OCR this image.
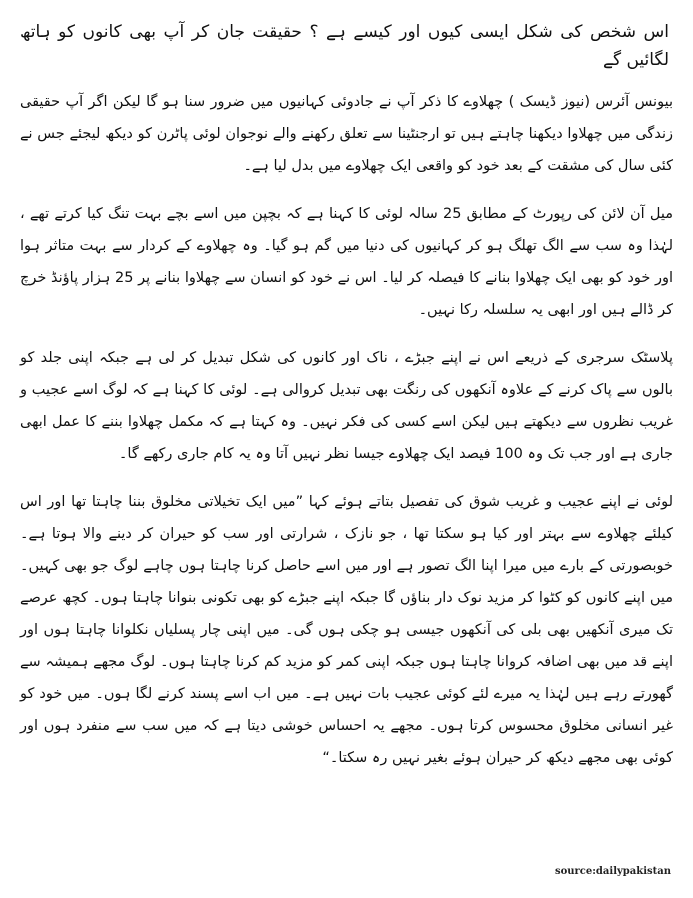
اس شخص کی شکل ایسی کیوں اور کیسے ہے ؟ حقیقت جان کر آپ بھی کانوں کو ہاتھ لگائیں گے

بیونس آئرس (نیوز ڈیسک ) چھلاوے کا ذکر آپ نے جادوئی کہانیوں میں ضرور سنا ہو گا لیکن اگر آپ حقیقی زندگی میں چھلاوا دیکھنا چاہتے ہیں تو ارجنٹینا سے تعلق رکھنے والے نوجوان لوئی پاٹرن کو دیکھ لیجئے جس نے کئی سال کی مشقت کے بعد خود کو واقعی ایک چھلاوے میں بدل لیا ہے۔

میل آن لائن کی رپورٹ کے مطابق 25 سالہ لوئی کا کہنا ہے کہ بچپن میں اسے بچے بہت تنگ کیا کرتے تھے ، لہٰذا وہ سب سے الگ تھلگ ہو کر کہانیوں کی دنیا میں گم ہو گیا۔ وہ چھلاوے کے کردار سے بہت متاثر ہوا اور خود کو بھی ایک چھلاوا بنانے کا فیصلہ کر لیا۔ اس نے خود کو انسان سے چھلاوا بنانے پر 25 ہزار پاؤنڈ خرچ کر ڈالے ہیں اور ابھی یہ سلسلہ رکا نہیں۔

پلاسٹک سرجری کے ذریعے اس نے اپنے جبڑے ، ناک اور کانوں کی شکل تبدیل کر لی ہے جبکہ اپنی جلد کو بالوں سے پاک کرنے کے علاوہ آنکھوں کی رنگت بھی تبدیل کروالی ہے۔ لوئی کا کہنا ہے کہ لوگ اسے عجیب و غریب نظروں سے دیکھتے ہیں لیکن اسے کسی کی فکر نہیں۔ وہ کہتا ہے کہ مکمل چھلاوا بننے کا عمل ابھی جاری ہے اور جب تک وہ 100 فیصد ایک چھلاوے جیسا نظر نہیں آتا وہ یہ کام جاری رکھے گا۔

لوئی نے اپنے عجیب و غریب شوق کی تفصیل بتاتے ہوئے کہا ”میں ایک تخیلاتی مخلوق بننا چاہتا تھا اور اس کیلئے چھلاوے سے بہتر اور کیا ہو سکتا تھا ، جو نازک ، شرارتی اور سب کو حیران کر دینے والا ہوتا ہے۔ خوبصورتی کے بارے میں میرا اپنا الگ تصور ہے اور میں اسے حاصل کرنا چاہتا ہوں چاہے لوگ جو بھی کہیں۔ میں اپنے کانوں کو کٹوا کر مزید نوک دار بناؤں گا جبکہ اپنے جبڑے کو بھی تکونی بنوانا چاہتا ہوں۔ کچھ عرصے تک میری آنکھیں بھی بلی کی آنکھوں جیسی ہو چکی ہوں گی۔ میں اپنی چار پسلیاں نکلوانا چاہتا ہوں اور اپنے قد میں بھی اضافہ کروانا چاہتا ہوں جبکہ اپنی کمر کو مزید کم کرنا چاہتا ہوں۔ لوگ مجھے ہمیشہ سے گھورتے رہے ہیں لہٰذا یہ میرے لئے کوئی عجیب بات نہیں ہے۔ میں اب اسے پسند کرنے لگا ہوں۔ میں خود کو غیر انسانی مخلوق محسوس کرتا ہوں۔ مجھے یہ احساس خوشی دیتا ہے کہ میں سب سے منفرد ہوں اور کوئی بھی مجھے دیکھ کر حیران ہوئے بغیر نہیں رہ سکتا۔“

source:dailypakistan
